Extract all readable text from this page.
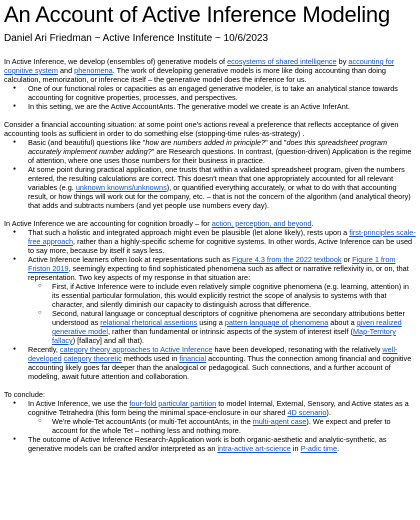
An Account of Active Inference Modeling
Daniel Ari Friedman ~ Active Inference Institute ~ 10/6/2023

In Active Inference, we develop (ensembles of) generative models of ecosystems of shared intelligence by accounting for cognitive system and phenomena. The work of developing generative models is more like doing accounting than doing calculation, memorization, or inference itself – the generative model does the inference for us.

● One of our functional roles or capacities as an engaged generative modeler, is to take an analytical stance towards accounting for cognitive properties, processes, and perspectives.
● In this setting, we are the Active AccountAnts. The generative model we create is an Active InferAnt.

Consider a financial accounting situation: at some point one's actions reveal a preference that reflects acceptance of given accounting tools as sufficient in order to do something else (stopping-time rules-as-strategy) .

● Basic (and beautiful) questions like "how are numbers added in principle?" and "does this spreadsheet program accurately implement number adding?" are Research questions. In contrast, (question-driven) Application is the regime of attention, where one uses those numbers for their business in practice.
● At some point during practical application, one trusts that within a validated spreadsheet program, given the numbers entered, the resulting calculations are correct. This doesn't mean that one appropriately accounted for all relevant variables (e.g. unknown knowns/unknowns), or quantified everything accurately, or what to do with that accounting result, or how things will work out for the company, etc. – that is not the concern of the algorithm (and analytical theory) that adds and subtracts numbers (and yet people use numbers every day).

In Active Inference we are accounting for cognition broadly – for action, perception, and beyond.

● That such a holistic and integrated approach might even be plausible (let alone likely), rests upon a first-principles scale-free approach, rather than a highly-specific scheme for cognitive systems. In other words, Active Inference can be used to say more, because by itself it says less.
● Active Inference learners often look at representations such as Figure 4.3 from the 2022 textbook or Figure 1 from Friston 2019, seemingly expecting to find sophisticated phenomena such as affect or narrative reflexivity in, or on, that representation. Two key aspects of my response in that situation are:
○ First, if Active Inference were to include even relatively simple cognitive phenomena (e.g. learning, attention) in its essential particular formulation, this would explicitly restrict the scope of analysis to systems with that character, and silently diminish our capacity to distinguish across that difference.
○ Second, natural language or conceptual descriptors of cognitive phenomena are secondary attributions better understood as relational rhetorical assertions using a pattern language of phenomena about a given realized generative model, rather than fundamental or intrinsic aspects of the system of interest itself (Map-Territory fallacy) [fallacy] and all that).
● Recently, category theory approaches to Active Inference have been developed, resonating with the relatively well-developed category theoretic methods used in financial accounting. Thus the connection among financial and cognitive accounting likely goes far deeper than the analogical or pedagogical. Such connections, and a further account of modeling, await future attention and collaboration.

To conclude:

● In Active Inference, we use the four-fold particular partition to model Internal, External, Sensory, and Active states as a cognitive Tetrahedra (this form being the minimal space-enclosure in our shared 4D scenario).
○ We're whole-Tet accountAnts (or multi-Tet accountAnts, in the multi-agent case). We expect and prefer to account for the whole Tet – nothing less and nothing more.
● The outcome of Active Inference Research-Application work is both organic-aesthetic and analytic-synthetic, as generative models can be crafted and/or interpreted as an intra-active art-science in P-adic time.
